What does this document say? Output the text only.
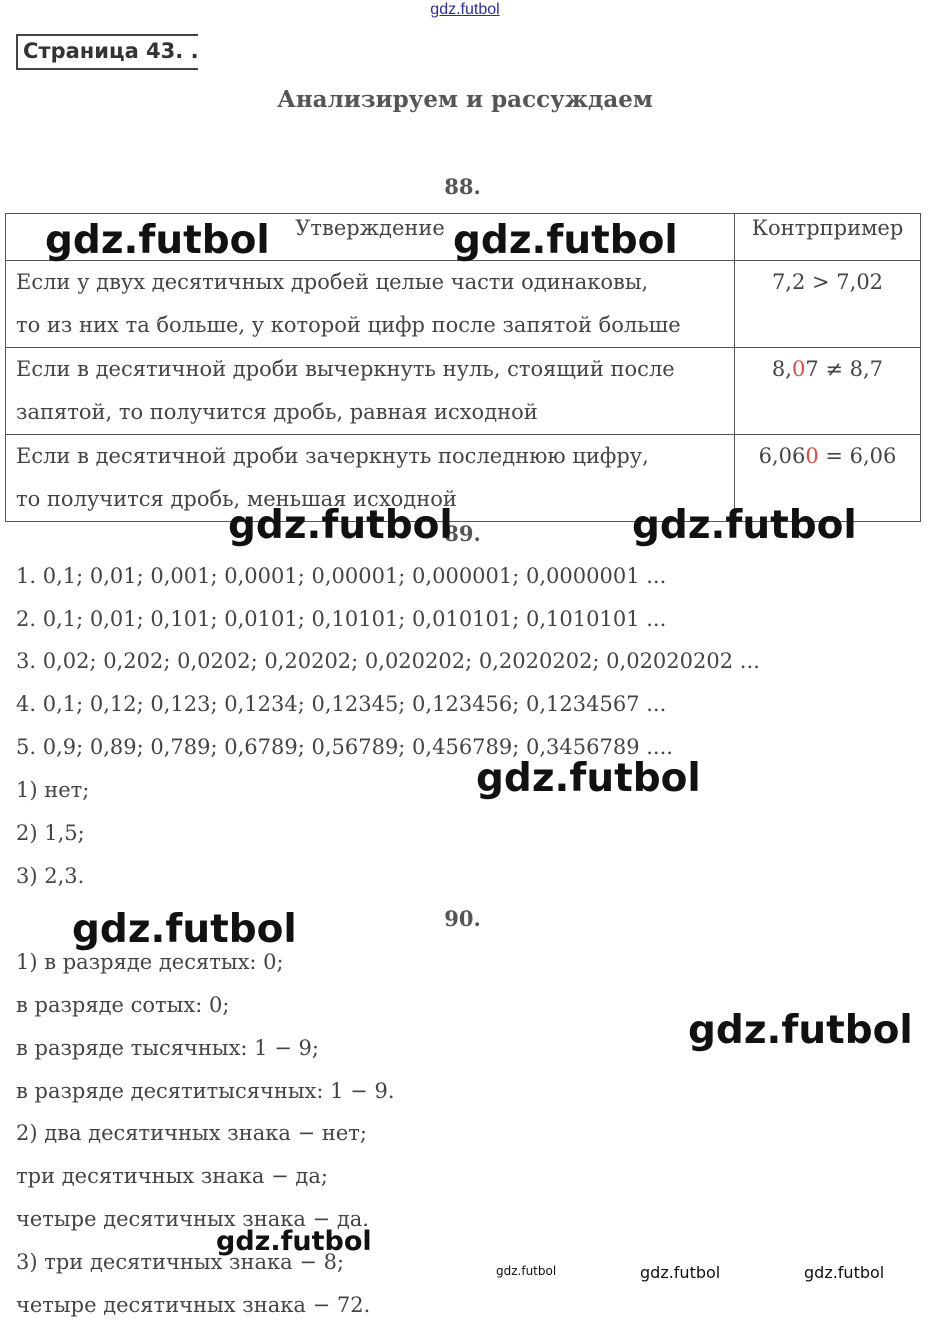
gdz.futbol
Страница 43. .
Анализируем и рассуждаем
88.
Утверждение	Контрпример

Если у двух десятичных дробей целые части одинаковы,
то из них та больше, у которой цифр после запятой больше	7,2 > 7,02

Если в десятичной дроби вычеркнуть нуль, стоящий после
запятой, то получится дробь, равная исходной	8,07 ≠ 8,7

Если в десятичной дроби зачеркнуть последнюю цифру,
то получится дробь, меньшая исходной	6,060 = 6,06
89.
1. 0,1; 0,01; 0,001; 0,0001; 0,00001; 0,000001; 0,0000001 ...
2. 0,1; 0,01; 0,101; 0,0101; 0,10101; 0,010101; 0,1010101 ...
3. 0,02; 0,202; 0,0202; 0,20202; 0,020202; 0,2020202; 0,02020202 ...
4. 0,1; 0,12; 0,123; 0,1234; 0,12345; 0,123456; 0,1234567 ...
5. 0,9; 0,89; 0,789; 0,6789; 0,56789; 0,456789; 0,3456789 ....
1) нет;
2) 1,5;
3) 2,3.
90.
1) в разряде десятых: 0;
в разряде сотых: 0;
в разряде тысячных: 1 − 9;
в разряде десятитысячных: 1 − 9.
2) два десятичных знака − нет;
три десятичных знака − да;
четыре десятичных знака − да.
3) три десятичных знака − 8;
четыре десятичных знака − 72.
gdz.futbol	gdz.futbol
gdz.futbol	gdz.futbol
gdz.futbol
gdz.futbol
gdz.futbol
gdz.futbol
gdz.futbol	gdz.futbol	gdz.futbol
